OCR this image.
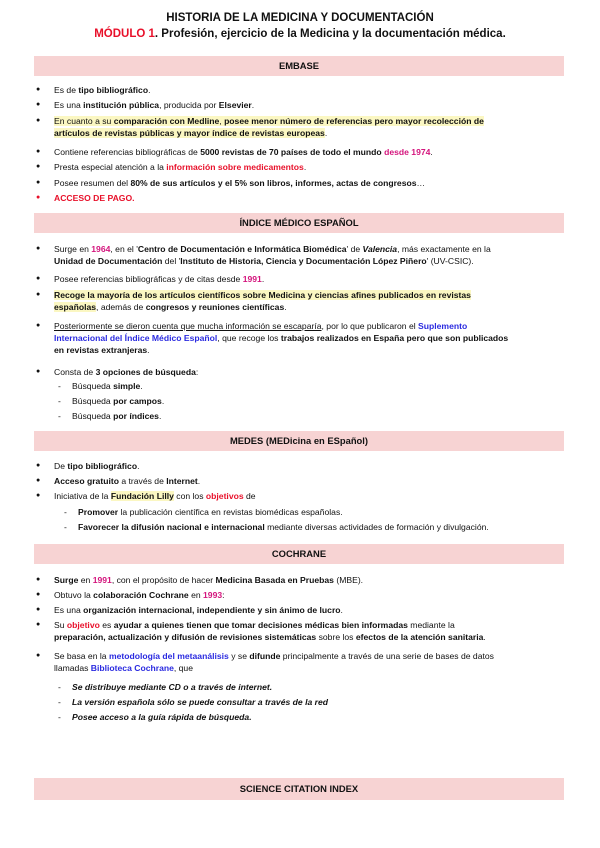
HISTORIA DE LA MEDICINA Y DOCUMENTACIÓN
MÓDULO 1. Profesión, ejercicio de la Medicina y la documentación médica.
EMBASE
● Es de tipo bibliográfico.
● Es una institución pública, producida por Elsevier.
● En cuanto a su comparación con Medline, posee menor número de referencias pero mayor recolección de
artículos de revistas públicas y mayor índice de revistas europeas.
● Contiene referencias bibliográficas de 5000 revistas de 70 países de todo el mundo desde 1974.
● Presta especial atención a la información sobre medicamentos.
● Posee resumen del 80% de sus artículos y el 5% son libros, informes, actas de congresos…
● ACCESO DE PAGO.
ÍNDICE MÉDICO ESPAÑOL
● Surge en 1964, en el 'Centro de Documentación e Informática Biomédica' de Valencia, más exactamente en la
Unidad de Documentación del 'Instituto de Historia, Ciencia y Documentación López Piñero' (UV-CSIC).
● Posee referencias bibliográficas y de citas desde 1991.
● Recoge la mayoría de los artículos científicos sobre Medicina y ciencias afines publicados en revistas
españolas, además de congresos y reuniones científicas.
● Posteriormente se dieron cuenta que mucha información se escaparía, por lo que publicaron el Suplemento
Internacional del Índice Médico Español, que recoge los trabajos realizados en España pero que son publicados
en revistas extranjeras.
● Consta de 3 opciones de búsqueda:
- Búsqueda simple.
- Búsqueda por campos.
- Búsqueda por índices.
MEDES (MEDicina en ESpañol)
● De tipo bibliográfico.
● Acceso gratuito a través de Internet.
● Iniciativa de la Fundación Lilly con los objetivos de
- Promover la publicación científica en revistas biomédicas españolas.
- Favorecer la difusión nacional e internacional mediante diversas actividades de formación y divulgación.
COCHRANE
● Surge en 1991, con el propósito de hacer Medicina Basada en Pruebas (MBE).
● Obtuvo la colaboración Cochrane en 1993:
● Es una organización internacional, independiente y sin ánimo de lucro.
● Su objetivo es ayudar a quienes tienen que tomar decisiones médicas bien informadas mediante la
preparación, actualización y difusión de revisiones sistemáticas sobre los efectos de la atención sanitaria.
● Se basa en la metodología del metaanálisis y se difunde principalmente a través de una serie de bases de datos
llamadas Biblioteca Cochrane, que
- Se distribuye mediante CD o a través de internet.
- La versión española sólo se puede consultar a través de la red
- Posee acceso a la guía rápida de búsqueda.
SCIENCE CITATION INDEX
